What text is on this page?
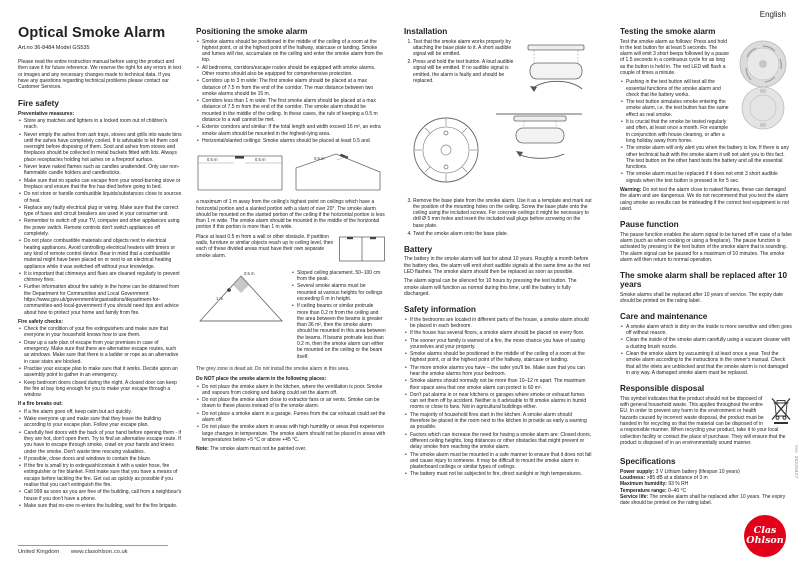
English
Optical Smoke Alarm
Art.no 36-8484 Model GS535

Please read the entire instruction manual before using the product and then save it for future reference. We reserve the right for any errors in text or images and any necessary changes made to technical data. If you have any questions regarding technical problems please contact our Customer Services.

Fire safety
Preventative measures:
• Store any matches and lighters in a locked room out of children's reach.
• Never empty the ashes from ash trays, stoves and grills into waste bins until the ashes have completely cooled. It is advisable to let them cool overnight before disposing of them. Soot and ashes from stoves and fireplaces should be collected in metal buckets fitted with lids. Always place receptacles holding hot ashes on a fireproof surface.
• Never leave naked flames such as candles unattended. Only use non-flammable candle holders and candlesticks.
• Make sure that no sparks can escape from your wood-burning stove or fireplace and ensure that the fire has died before going to bed.
• Do not store or handle combustible liquids/substances close to sources of heat.
• Replace any faulty electrical plug or wiring. Make sure that the correct type of fuses and circuit breakers are used in your consumer unit.
• Remember to switch off your TV, computer and other appliances using the power switch. Remote controls don't switch appliances off completely.
• Do not place combustible materials and objects next to electrical heating appliances. Avoid controlling electrical heaters with timers or any kind of remote control device. Bear in mind that a combustible material might have been placed on or next to an electrical heating appliance while it was switched off without your knowledge.
• It is important that chimneys and flues are cleaned regularly to prevent chimney fires.
• Further information about fire safety in the home can be obtained from the Department for Communities and Local Government: https://www.gov.uk/government/organisations/department-for-communities-and-local-government if you should need tips and advice about how to protect your home and family from fire.
Fire safety checks:
• Check the condition of your fire extinguishers and make sure that everyone in your household knows how to use them.
• Draw up a safe plan of escape from your premises in case of emergency. Make sure that there are alternative escape routes, such as windows. Make sure that there is a ladder or rope as an alternative in case stairs are blocked.
• Practise your escape plan to make sure that it works. Decide upon an assembly point to gather in an emergency.
• Keep bedroom doors closed during the night. A closed door can keep the fire at bay long enough for you to make your escape through a window.
If a fire breaks out:
• If a fire alarm goes off, keep calm but act quickly.
• Wake everyone up and make sure that they leave the building according to your escape plan. Follow your escape plan.
• Carefully feel doors with the back of your hand before opening them - if they are hot, don't open them. Try to find an alternative escape route. If you have to escape through smoke, crawl on your hands and knees under the smoke. Don't waste time rescuing valuables.
• If possible, close doors and windows to contain the blaze.
• If the fire is small try to extinguish/contain it with a water hose, fire extinguisher or fire blanket. First make sure that you have a means of escape before tackling the fire. Get out as quickly as possible if you realise that you can't extinguish the fire.
• Call 999 as soon as you are free of the building, call from a neighbour's house if you don't have a phone.
• Make sure that no-one re-enters the building, wait for the fire brigade.
Positioning the smoke alarm
• Smoke alarms should be positioned in the middle of the ceiling of a room at the highest point, or at the highest point of the hallway, staircase or landing. Smoke and fumes will rise, accumulate on the ceiling and enter the smoke alarm from the top.
• All bedrooms, corridors/escape routes should be equipped with smoke alarms. Other rooms should also be equipped for comprehensive protection.
• Corridors up to 3 m wide: The first smoke alarm should be placed at a max distance of 7.5 m from the end of the corridor. The max distance between two smoke alarms should be 15 m.
• Corridors less than 1 m wide: The first smoke alarm should be placed at a max distance of 7.5 m from the end of the corridor. The smoke alarm should be mounted in the middle of the ceiling. In these cases, the rule of keeping a 0.5 m distance to a wall cannot be met.
• Exterior corridors and similar: If the total length and width exceed 16 m², an extra smoke alarm should be mounted in the highest-lying area.
• Horizontal/slanted ceilings: Smoke alarms should be placed at least 0.5 and
0.5 m	0.5 m	0.5 m

a maximum of 1 m away from the ceiling's highest point on ceilings which have a horizontal portion and a slanted portion with a slant of over 20°. The smoke alarm should be mounted on the slanted portion of the ceiling if the horizontal portion is less than 1 m wide. The smoke alarm should be mounted in the middle of the horizontal portion if this portion is more than 1 m wide.

Place at least 0.5 m from a wall or other obstacle. If partition walls, furniture or similar objects reach up to ceiling level, then each of these divided areas must have their own separate smoke alarm.

0.5 m
1 m
• Sloped ceiling placement, 50–100 cm from the peak.
• Several smoke alarms must be mounted at various heights for ceilings exceeding 6 m in height.
• If ceiling beams or similar protrude more than 0.2 m from the ceiling and the area between the beams is greater than 36 m², then the smoke alarm should be mounted in this area between the beams. If beams protrude less than 0.2 m, then the smoke alarm can either be mounted on the ceiling or the beam itself.

The grey zone is dead air. Do not install the smoke alarm in this area.

Do NOT place the smoke alarm in the following places:

• Do not place the smoke alarm in the kitchen, where the ventilation is poor. Smoke and vapours from cooking and baking could set the alarm off.
• Do not place the smoke alarm close to extractor fans or air vents. Smoke can be drawn to these places instead of to the smoke alarm.
• Do not place a smoke alarm in a garage. Fumes from the car exhaust could set the alarm off.
• Do not place the smoke alarm in areas with high humidity or areas that experience large changes in temperature. The smoke alarm should not be placed in areas with temperatures below +5 °C or above +45 °C.

Note: The smoke alarm must not be painted over.

Installation
1. Test that the smoke alarm works properly by attaching the base plate to it. A short audible signal will be emitted.
2. Press and hold the test button. A loud audible signal will be emitted. If no audible signal is emitted, the alarm is faulty and should be replaced.
3. Remove the base plate from the smoke alarm. Use it as a template and mark out the position of the mounting holes on the ceiling. Screw the base plate onto the ceiling using the included screws. For concrete ceilings it might be necessary to drill Ø 5 mm holes and insert the included wall plugs before screwing on the base plate.
4. Twist the smoke alarm onto the base plate.
Battery

The battery in the smoke alarm will last for about 10 years. Roughly a month before the battery dies, the alarm will emit short audible signals at the same time as the red LED flashes. The smoke alarm should then be replaced as soon as possible.

The alarm signal can be silenced for 10 hours by pressing the test button. The smoke alarm will function as normal during this time, until the battery is fully discharged.

Safety information
• If the bedrooms are located in different parts of the house, a smoke alarm should be placed in each bedroom.
• If the house has several floors, a smoke alarm should be placed on every floor.
• The sooner your family is warned of a fire, the more chance you have of saving yourselves and your property.
• Smoke alarms should be positioned in the middle of the ceiling of a room at the highest point, or at the highest point of the hallway, staircase or landing.
• The more smoke alarms you have – the safer you'll be. Make sure that you can hear the smoke alarms from your bedroom.
• Smoke alarms should normally not be more than 10–12 m apart. The maximum floor space area that one smoke alarm can protect is 60 m².
• Don't put alarms in or near kitchens or garages where smoke or exhaust fumes can set them off by accident. Neither is it advisable to fit smoke alarms in humid rooms or close to fans. Not in agricultural buildings either.
• The majority of household fires start in the kitchen. A smoke alarm should therefore be placed in the room next to the kitchen to provide as early a warning as possible.
• Factors which can increase the need for having a smoke alarm are: Closed doors, different ceiling heights, long distances or other obstacles that might prevent or delay smoke from reaching the smoke alarm.
• The smoke alarm must be mounted in a safe manner to ensure that it does not fall and cause injury to someone. It may be difficult to mount the smoke alarm in plasterboard ceilings or similar types of ceilings.
• The battery must not be subjected to fire, direct sunlight or high temperatures.
Testing the smoke alarm

Test the smoke alarm as follows: Press and hold in the test button for at least 5 seconds. The alarm will emit 3 short beeps followed by a pause of 1.5 seconds in a continuous cycle for as long as the button is held in. The red LED will flash a couple of times a minute.

• Pushing in the test button will test all the essential functions of the smoke alarm and check that the battery works.
• The test button simulates smoke entering the smoke alarm, i.e. the test button has the same effect as real smoke.
• It is crucial that the smoke be tested regularly and often, at least once a month. For example in conjunction with house cleaning, or after a long holiday away from home.
• The smoke alarm will only alert you when the battery is low. If there is any other technical fault with the smoke alarm it will not alert you to this fact. The test button on the other hand tests the battery and all the essential functions.
• The smoke alarm must be replaced if it does not emit 3 short audible signals when the test button is pressed in for 5 sec.

Warning: Do not test the alarm close to naked flames, these can damaged the alarm and are dangerous. We do not recommend that you test the alarm using smoke as results can be misleading if the correct test equipment is not used.

Pause function

The pause function enables the alarm signal to be turned off in case of a false alarm (such as when cooking or using a fireplace). The pause function is activated by pressing in the test button of the smoke alarm that is sounding. The alarm signal can be paused for a maximum of 10 minutes. The smoke alarm will then return to normal operation.

The smoke alarm shall be replaced after 10 years

Smoke alarms shall be replaced after 10 years of service. The expiry date should be printed on the rating label.

Care and maintenance
• A smoke alarm which is dirty on the inside is more sensitive and often goes off without reason.
• Clean the inside of the smoke alarm carefully using a vacuum cleaner with a dusting brush nozzle.
• Clean the smoke alarm by vacuuming it at least once a year. Test the smoke alarm according to the instructions in the owner's manual. Check that all the inlets are unblocked and that the smoke alarm is not damaged in any way. A damaged smoke alarm must be replaced.
Responsible disposal

This symbol indicates that the product should not be disposed of with general household waste. This applies throughout the entire EU. In order to prevent any harm to the environment or health hazards caused by incorrect waste disposal, the product must be handed in for recycling so that the material can be disposed of in a responsible manner. When recycling your product, take it to your local collection facility or contact the place of purchase. They will ensure that the product is disposed of in an environmentally sound manner.

Specifications
Power supply: 3 V Lithium battery (lifespan 10 years)
Loudness: >85 dB at a distance of 3 m
Maximum humidity: 93 % RH
Temperature range: 0–40 °C
Service life: The smoke alarm shall be replaced after 10 years. The expiry date should be printed on the rating label.
United Kingdom www.clasohlson.co.uk
Ver. 20220427
Clas
Ohlson
